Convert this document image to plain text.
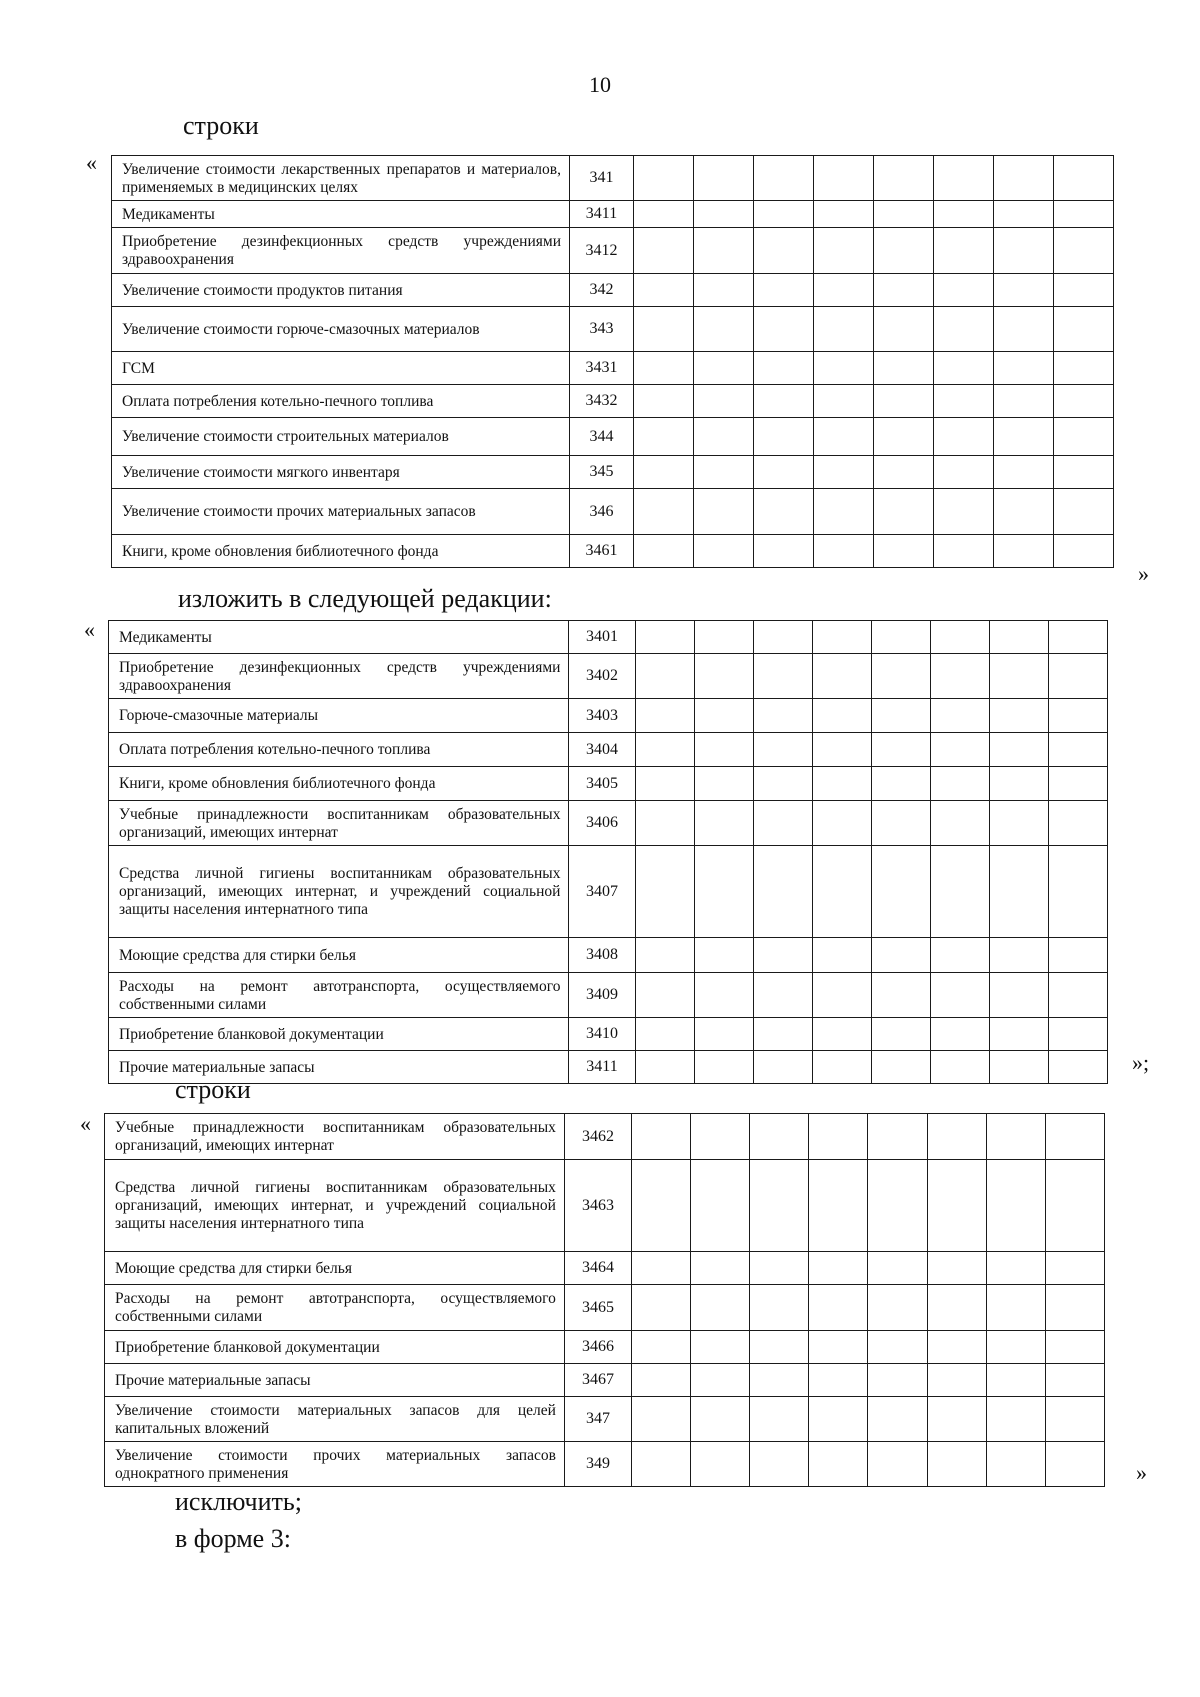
10
строки
« Увеличение стоимости лекарственных препаратов и материалов, применяемых в медицинских целях	341								
Медикаменты	3411								
Приобретение дезинфекционных средств учреждениями здравоохранения	3412								
Увеличение стоимости продуктов питания	342								
Увеличение стоимости горюче-смазочных материалов	343								
ГСМ	3431								
Оплата потребления котельно-печного топлива	3432								
Увеличение стоимости строительных материалов	344								
Увеличение стоимости мягкого инвентаря	345								
Увеличение стоимости прочих материальных запасов	346								
Книги, кроме обновления библиотечного фонда	3461								
»
изложить в следующей редакции:
« Медикаменты	3401								
Приобретение дезинфекционных средств учреждениями здравоохранения	3402								
Горюче-смазочные материалы	3403								
Оплата потребления котельно-печного топлива	3404								
Книги, кроме обновления библиотечного фонда	3405								
Учебные принадлежности воспитанникам образовательных организаций, имеющих интернат	3406								
Средства личной гигиены воспитанникам образовательных организаций, имеющих интернат, и учреждений социальной защиты населения интернатного типа	3407								
Моющие средства для стирки белья	3408								
Расходы на ремонт автотранспорта, осуществляемого собственными силами	3409								
Приобретение бланковой документации	3410								
Прочие материальные запасы	3411									»;
строки
« Учебные принадлежности воспитанникам образовательных организаций, имеющих интернат	3462								
Средства личной гигиены воспитанникам образовательных организаций, имеющих интернат, и учреждений социальной защиты населения интернатного типа	3463								
Моющие средства для стирки белья	3464								
Расходы на ремонт автотранспорта, осуществляемого собственными силами	3465								
Приобретение бланковой документации	3466								
Прочие материальные запасы	3467								
Увеличение стоимости материальных запасов для целей капитальных вложений	347								
Увеличение стоимости прочих материальных запасов однократного применения	349									»
исключить;
в форме 3:
